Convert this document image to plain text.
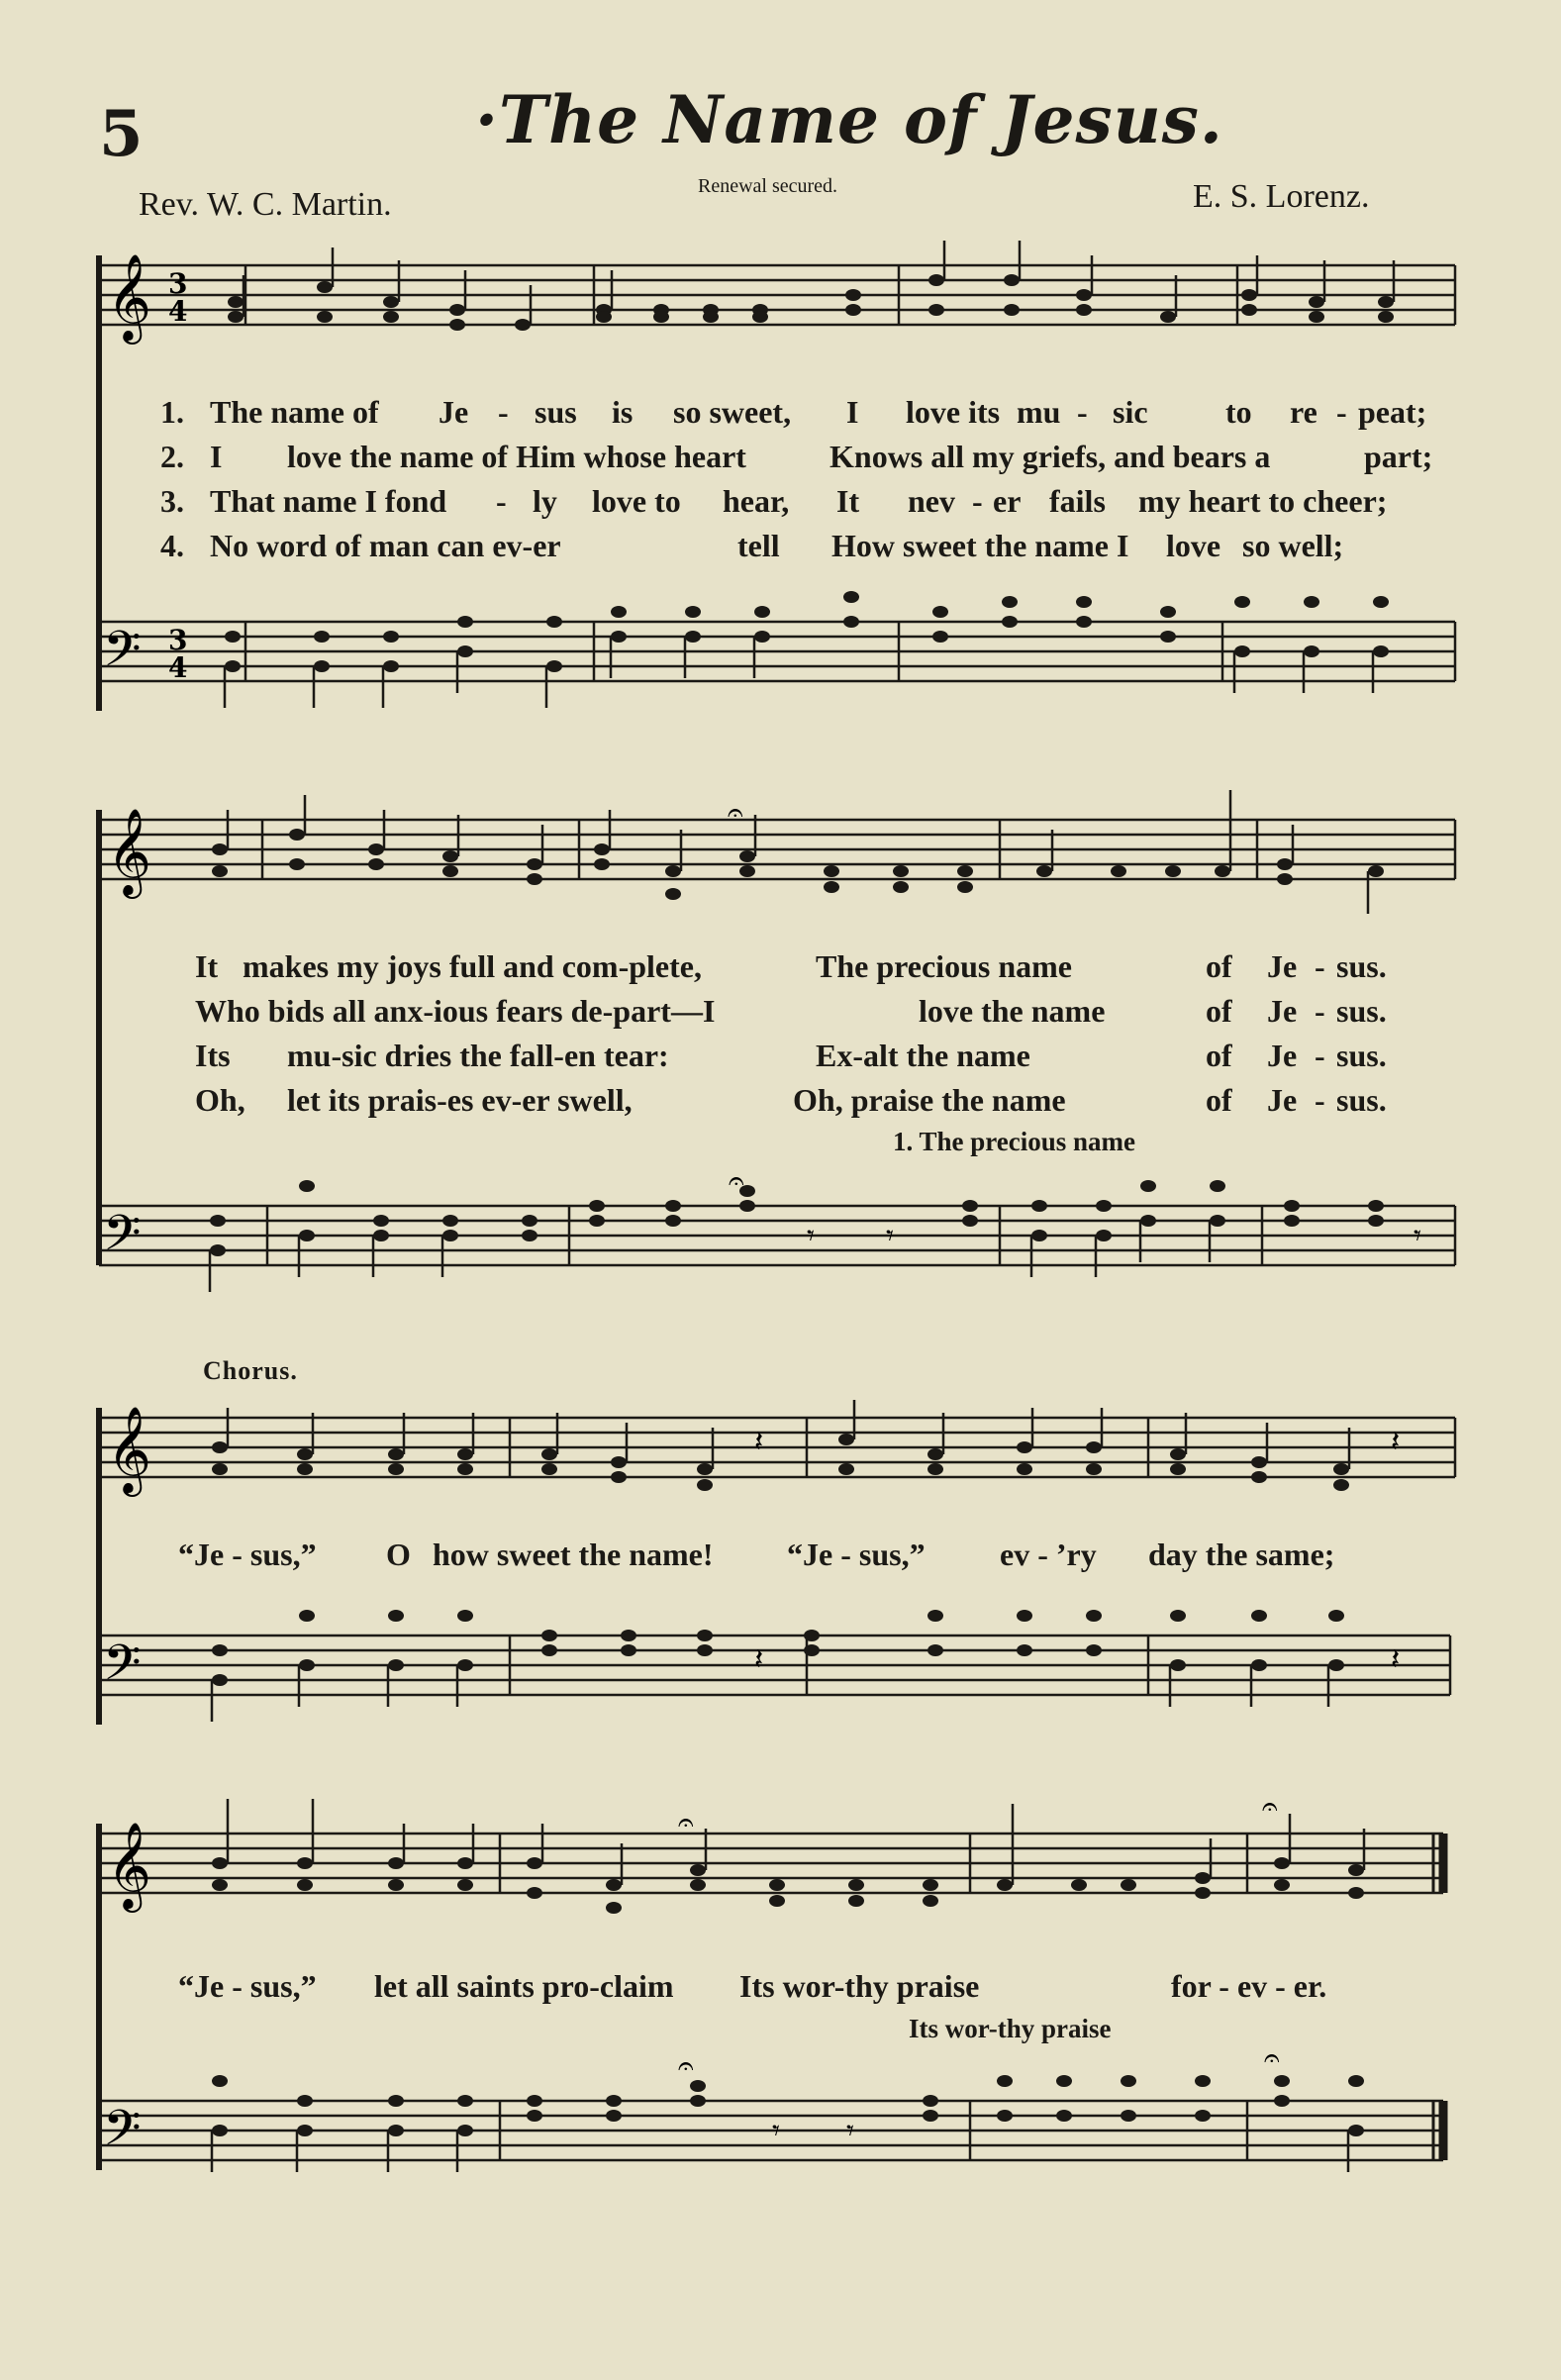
5	·The Name of Jesus.
Rev. W. C. Martin.	Renewal secured.	E. S. Lorenz.
𝄞 3
4
1. The name of Je - sus is so sweet, I love its mu - sic to re - peat;
2. I love the name of Him whose heart	Knows all my griefs, and bears a	part;
3. That name I fond - ly love to hear, It nev - er fails my heart to cheer;
4. No word of man can ev-er	tell How sweet the name I love so well;
𝄢 3
4
𝄞	𝄐
It makes my joys full and com-plete,	The precious name	of Je - sus.
Who bids all anx-ious fears de-part—I	love the name	of Je - sus.
Its mu-sic dries the fall-en tear:	Ex-alt the name	of Je - sus.
Oh, let its prais-es ev-er swell,	Oh, praise the name	of Je - sus.
1. The precious name
𝄢
𝄐
𝄾 𝄾	𝄾
Chorus.
𝄞	𝄽	𝄽
“Je - sus,” O how sweet the name! “Je - sus,” ev - ’ry day the same;
𝄢	𝄽	𝄽
𝄞	𝄐	𝄐
“Je - sus,” let all saints pro-claim Its wor-thy praise	for - ev - er.
Its wor-thy praise
𝄢
𝄐	𝄐
𝄾 𝄾
